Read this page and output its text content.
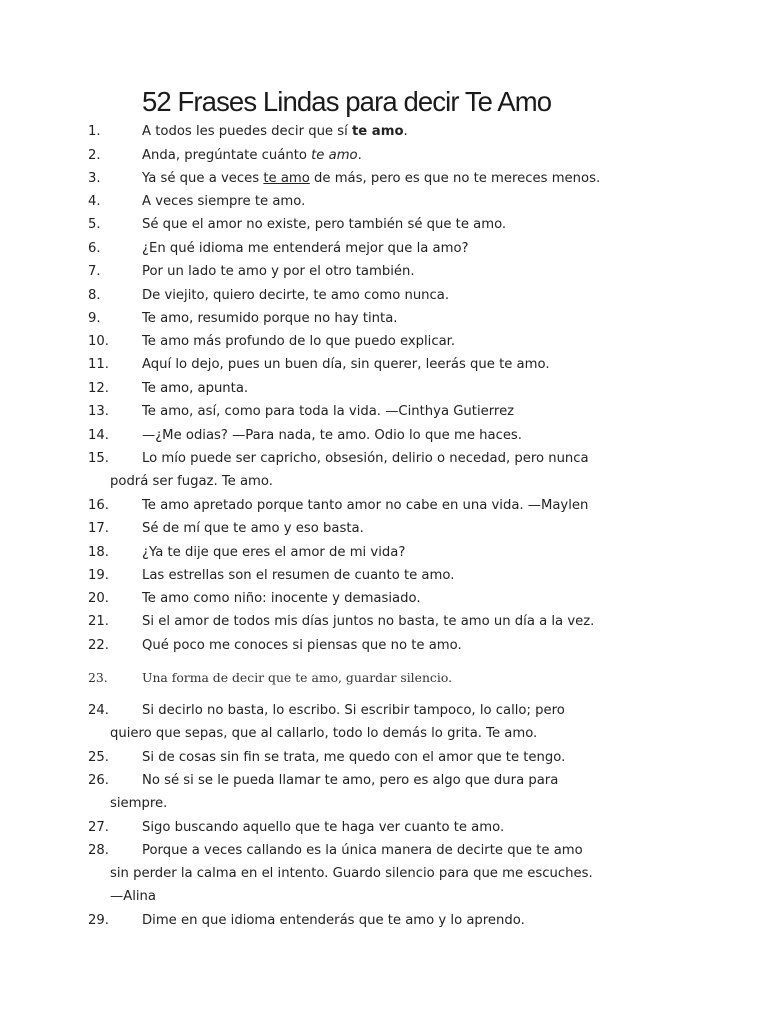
52 Frases Lindas para decir Te Amo
1.	A todos les puedes decir que sí te amo.
2.	Anda, pregúntate cuánto te amo.
3.	Ya sé que a veces te amo de más, pero es que no te mereces menos.
4.	A veces siempre te amo.
5.	Sé que el amor no existe, pero también sé que te amo.
6.	¿En qué idioma me entenderá mejor que la amo?
7.	Por un lado te amo y por el otro también.
8.	De viejito, quiero decirte, te amo como nunca.
9.	Te amo, resumido porque no hay tinta.
10.	Te amo más profundo de lo que puedo explicar.
11.	Aquí lo dejo, pues un buen día, sin querer, leerás que te amo.
12.	Te amo, apunta.
13.	Te amo, así, como para toda la vida. —Cinthya Gutierrez
14.	—¿Me odias? —Para nada, te amo. Odio lo que me haces.
15.	Lo mío puede ser capricho, obsesión, delirio o necedad, pero nunca
podrá ser fugaz. Te amo.
16.	Te amo apretado porque tanto amor no cabe en una vida. —Maylen
17.	Sé de mí que te amo y eso basta.
18.	¿Ya te dije que eres el amor de mi vida?
19.	Las estrellas son el resumen de cuanto te amo.
20.	Te amo como niño: inocente y demasiado.
21.	Si el amor de todos mis días juntos no basta, te amo un día a la vez.
22.	Qué poco me conoces si piensas que no te amo.
23.	Una forma de decir que te amo, guardar silencio.
24.	Si decirlo no basta, lo escribo. Si escribir tampoco, lo callo; pero
quiero que sepas, que al callarlo, todo lo demás lo grita. Te amo.
25.	Si de cosas sin fin se trata, me quedo con el amor que te tengo.
26.	No sé si se le pueda llamar te amo, pero es algo que dura para
siempre.
27.	Sigo buscando aquello que te haga ver cuanto te amo.
28.	Porque a veces callando es la única manera de decirte que te amo
sin perder la calma en el intento. Guardo silencio para que me escuches.
—Alina
29.	Dime en que idioma entenderás que te amo y lo aprendo.
